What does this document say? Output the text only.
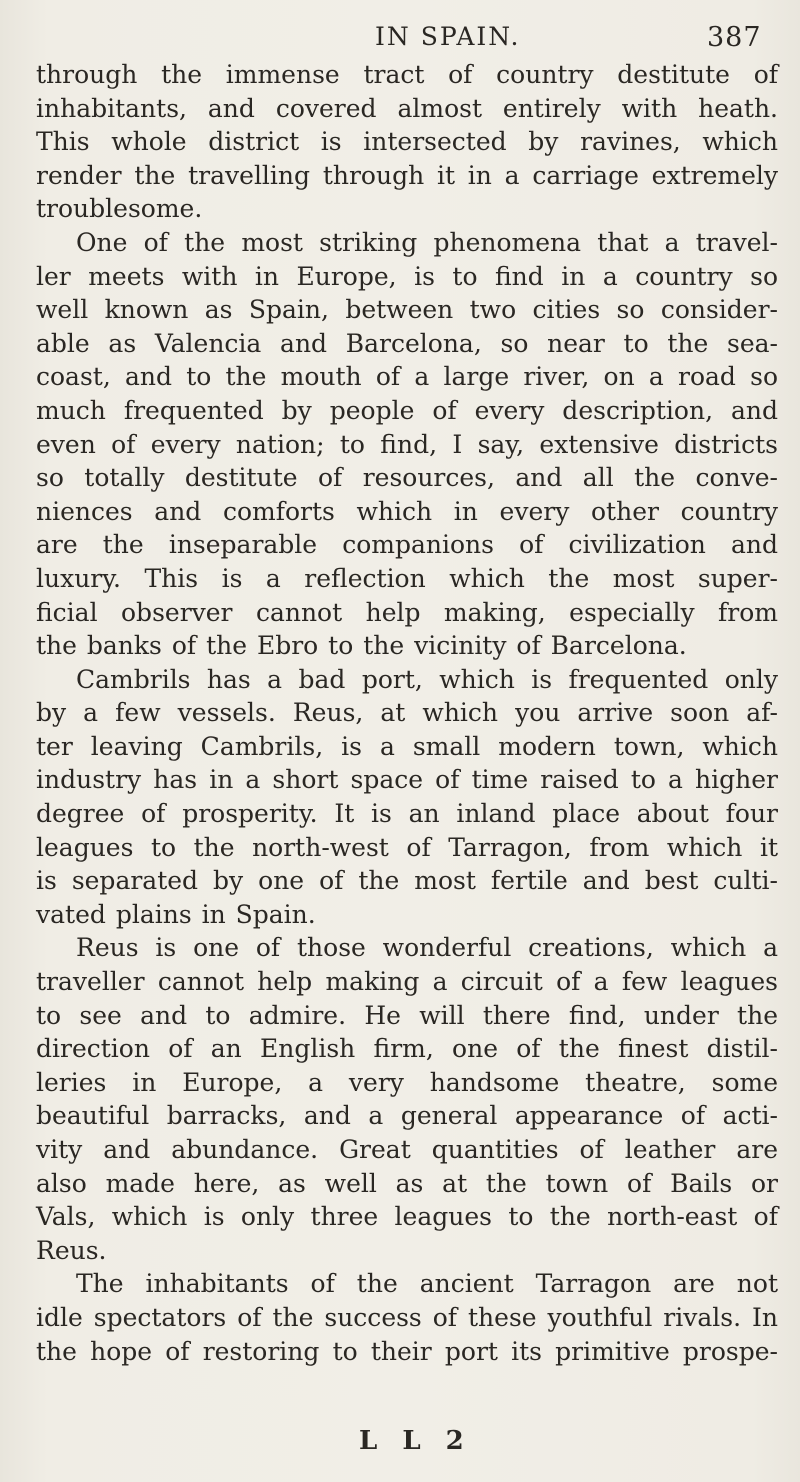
IN SPAIN.	387
through the immense tract of country destitute of
inhabitants, and covered almost entirely with heath.
This whole district is intersected by ravines, which
render the travelling through it in a carriage extremely
troublesome.
One of the most striking phenomena that a travel-
ler meets with in Europe, is to find in a country so
well known as Spain, between two cities so consider-
able as Valencia and Barcelona, so near to the sea-
coast, and to the mouth of a large river, on a road so
much frequented by people of every description, and
even of every nation; to find, I say, extensive districts
so totally destitute of resources, and all the conve-
niences and comforts which in every other country
are the inseparable companions of civilization and
luxury. This is a reflection which the most super-
ficial observer cannot help making, especially from
the banks of the Ebro to the vicinity of Barcelona.
Cambrils has a bad port, which is frequented only
by a few vessels. Reus, at which you arrive soon af-
ter leaving Cambrils, is a small modern town, which
industry has in a short space of time raised to a higher
degree of prosperity. It is an inland place about four
leagues to the north-west of Tarragon, from which it
is separated by one of the most fertile and best culti-
vated plains in Spain.
Reus is one of those wonderful creations, which a
traveller cannot help making a circuit of a few leagues
to see and to admire. He will there find, under the
direction of an English firm, one of the finest distil-
leries in Europe, a very handsome theatre, some
beautiful barracks, and a general appearance of acti-
vity and abundance. Great quantities of leather are
also made here, as well as at the town of Bails or
Vals, which is only three leagues to the north-east of
Reus.
The inhabitants of the ancient Tarragon are not
idle spectators of the success of these youthful rivals. In
the hope of restoring to their port its primitive prospe-
L L 2
